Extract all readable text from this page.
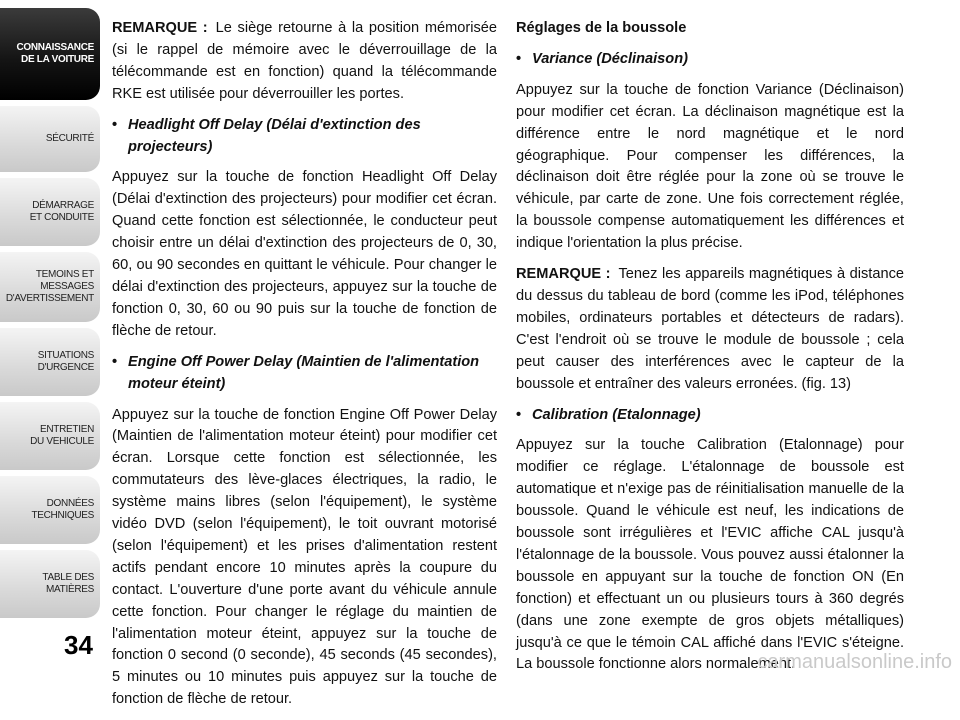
CONNAISSANCE
DE LA VOITURE
SÉCURITÉ
DÉMARRAGE
ET CONDUITE
TEMOINS ET
MESSAGES
D'AVERTISSEMENT
SITUATIONS
D'URGENCE
ENTRETIEN
DU VEHICULE
DONNÉES
TECHNIQUES
TABLE DES
MATIÈRES
34

REMARQUE : Le siège retourne à la position mémorisée (si le rappel de mémoire avec le déverrouillage de la télécommande est en fonction) quand la télécommande RKE est utilisée pour déverrouiller les portes.

• Headlight Off Delay (Délai d'extinction des projecteurs)

Appuyez sur la touche de fonction Headlight Off Delay (Délai d'extinction des projecteurs) pour modifier cet écran. Quand cette fonction est sélectionnée, le conducteur peut choisir entre un délai d'extinction des projecteurs de 0, 30, 60, ou 90 secondes en quittant le véhicule. Pour changer le délai d'extinction des projecteurs, appuyez sur la touche de fonction 0, 30, 60 ou 90 puis sur la touche de fonction de flèche de retour.

• Engine Off Power Delay (Maintien de l'alimentation moteur éteint)

Appuyez sur la touche de fonction Engine Off Power Delay (Maintien de l'alimentation moteur éteint) pour modifier cet écran. Lorsque cette fonction est sélectionnée, les commutateurs des lève-glaces électriques, la radio, le système mains libres (selon l'équipement), le système vidéo DVD (selon l'équipement), le toit ouvrant motorisé (selon l'équipement) et les prises d'alimentation restent actifs pendant encore 10 minutes après la coupure du contact. L'ouverture d'une porte avant du véhicule annule cette fonction. Pour changer le réglage du maintien de l'alimentation moteur éteint, appuyez sur la touche de fonction 0 second (0 seconde), 45 seconds (45 secondes), 5 minutes ou 10 minutes puis appuyez sur la touche de fonction de flèche de retour.

Réglages de la boussole

• Variance (Déclinaison)

Appuyez sur la touche de fonction Variance (Déclinaison) pour modifier cet écran. La déclinaison magnétique est la différence entre le nord magnétique et le nord géographique. Pour compenser les différences, la déclinaison doit être réglée pour la zone où se trouve le véhicule, par carte de zone. Une fois correctement réglée, la boussole compense automatiquement les différences et indique l'orientation la plus précise.

REMARQUE : Tenez les appareils magnétiques à distance du dessus du tableau de bord (comme les iPod, téléphones mobiles, ordinateurs portables et détecteurs de radars). C'est l'endroit où se trouve le module de boussole ; cela peut causer des interférences avec le capteur de la boussole et entraîner des valeurs erronées. (fig. 13)

• Calibration (Etalonnage)

Appuyez sur la touche Calibration (Etalonnage) pour modifier ce réglage. L'étalonnage de boussole est automatique et n'exige pas de réinitialisation manuelle de la boussole. Quand le véhicule est neuf, les indications de boussole sont irrégulières et l'EVIC affiche CAL jusqu'à l'étalonnage de la boussole. Vous pouvez aussi étalonner la boussole en appuyant sur la touche de fonction ON (En fonction) et effectuant un ou plusieurs tours à 360 degrés (dans une zone exempte de gros objets métalliques) jusqu'à ce que le témoin CAL affiché dans l'EVIC s'éteigne. La boussole fonctionne alors normalement.

carmanualsonline.info
